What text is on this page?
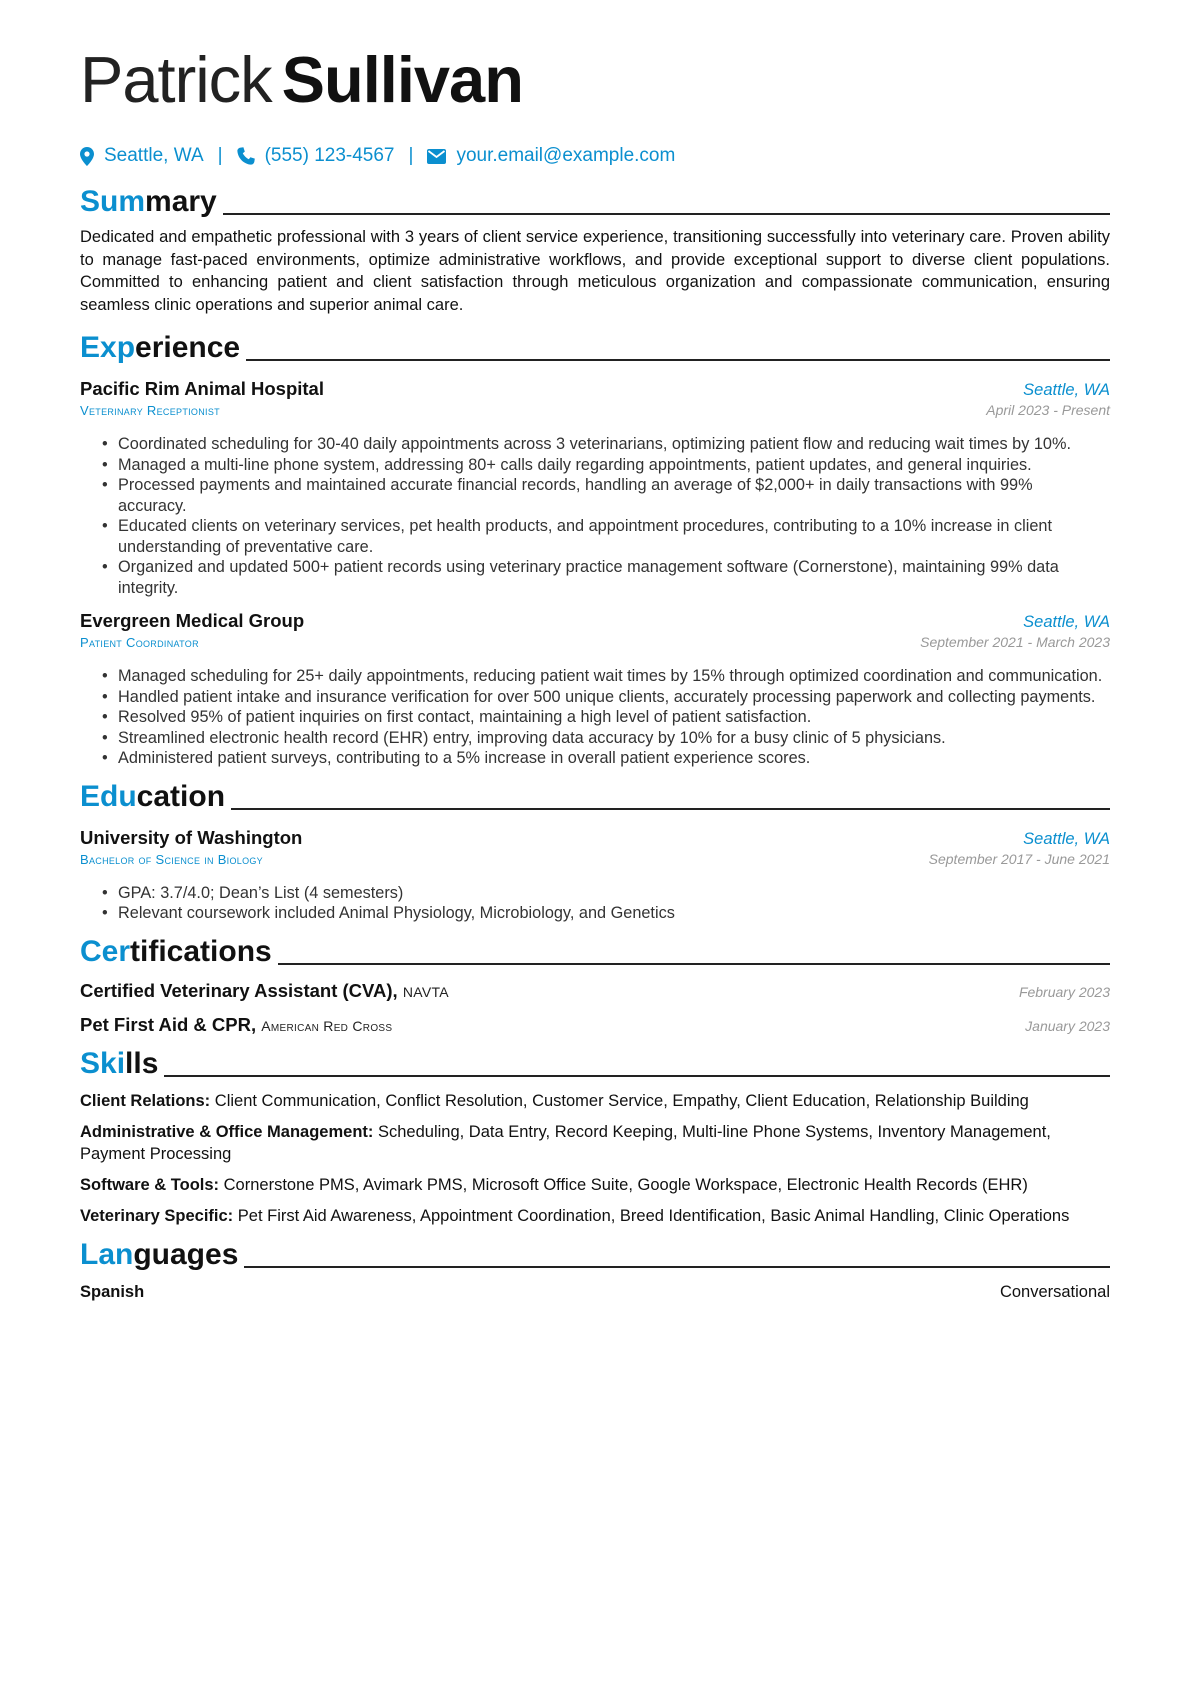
Patrick Sullivan
Seattle, WA | (555) 123-4567 | your.email@example.com
Summary
Dedicated and empathetic professional with 3 years of client service experience, transitioning successfully into veterinary care. Proven ability to manage fast-paced environments, optimize administrative workflows, and provide exceptional support to diverse client populations. Committed to enhancing patient and client satisfaction through meticulous organization and compassionate communication, ensuring seamless clinic operations and superior animal care.
Experience
Pacific Rim Animal Hospital	Seattle, WA
Veterinary Receptionist	April 2023 - Present
• Coordinated scheduling for 30-40 daily appointments across 3 veterinarians, optimizing patient flow and reducing wait times by 10%.
• Managed a multi-line phone system, addressing 80+ calls daily regarding appointments, patient updates, and general inquiries.
• Processed payments and maintained accurate financial records, handling an average of $2,000+ in daily transactions with 99% accuracy.
• Educated clients on veterinary services, pet health products, and appointment procedures, contributing to a 10% increase in client understanding of preventative care.
• Organized and updated 500+ patient records using veterinary practice management software (Cornerstone), maintaining 99% data integrity.
Evergreen Medical Group	Seattle, WA
Patient Coordinator	September 2021 - March 2023
• Managed scheduling for 25+ daily appointments, reducing patient wait times by 15% through optimized coordination and communication.
• Handled patient intake and insurance verification for over 500 unique clients, accurately processing paperwork and collecting payments.
• Resolved 95% of patient inquiries on first contact, maintaining a high level of patient satisfaction.
• Streamlined electronic health record (EHR) entry, improving data accuracy by 10% for a busy clinic of 5 physicians.
• Administered patient surveys, contributing to a 5% increase in overall patient experience scores.
Education
University of Washington	Seattle, WA
Bachelor of Science in Biology	September 2017 - June 2021
• GPA: 3.7/4.0; Dean’s List (4 semesters)
• Relevant coursework included Animal Physiology, Microbiology, and Genetics
Certifications
Certified Veterinary Assistant (CVA), NAVTA	February 2023
Pet First Aid & CPR, American Red Cross	January 2023
Skills
Client Relations: Client Communication, Conflict Resolution, Customer Service, Empathy, Client Education, Relationship Building
Administrative & Office Management: Scheduling, Data Entry, Record Keeping, Multi-line Phone Systems, Inventory Management, Payment Processing
Software & Tools: Cornerstone PMS, Avimark PMS, Microsoft Office Suite, Google Workspace, Electronic Health Records (EHR)
Veterinary Specific: Pet First Aid Awareness, Appointment Coordination, Breed Identification, Basic Animal Handling, Clinic Operations
Languages
Spanish	Conversational
